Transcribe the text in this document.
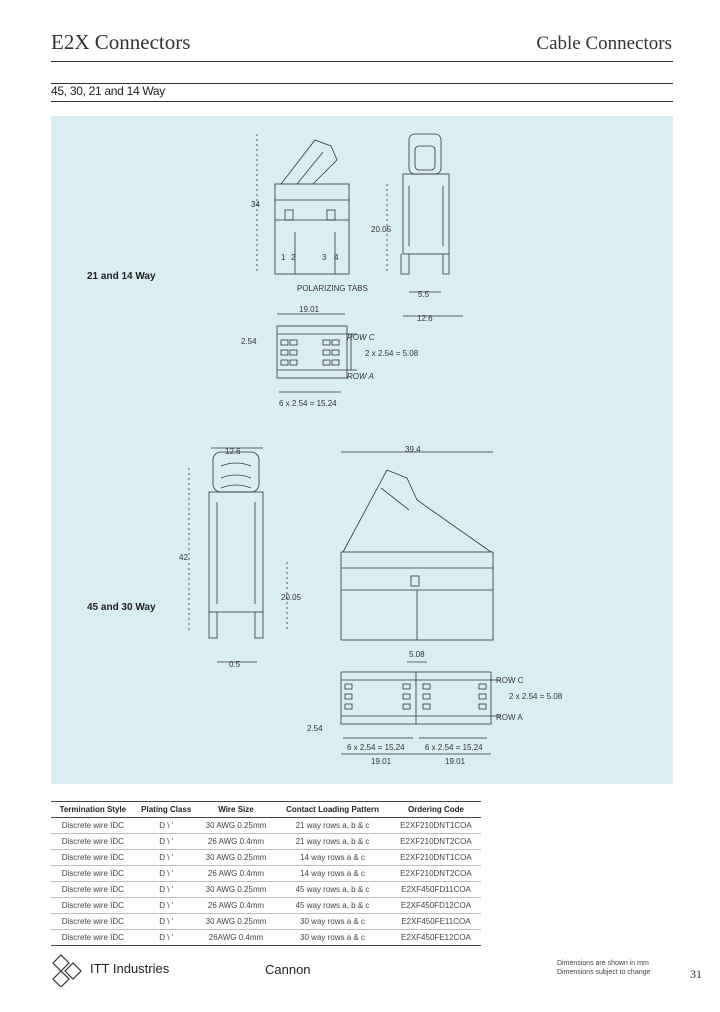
E2X Connectors	Cable Connectors
45, 30, 21 and 14 Way
21 and 14 Way
34
20.05
1 2	3 4
POLARIZING TABS
19.01
5.5
12.6
2.54	ROW C
2 x 2.54 = 5.08
ROW A
6 x 2.54 = 15.24
45 and 30 Way
12.6	39.4
42
20.05
0.5
5.08
ROW C
2 x 2.54 = 5.08
ROW A
2.54
6 x 2.54 = 15.24	6 x 2.54 = 15.24
19.01	19.01
Termination Style	Plating Class	Wire Size	Contact Loading Pattern	Ordering Code
Discrete wire IDC	D \ '	30 AWG 0.25mm	21 way rows a, b & c	E2XF210DNT1COA
Discrete wire IDC	D \ '	26 AWG 0.4mm	21 way rows a, b & c	E2XF210DNT2COA
Discrete wire IDC	D \ '	30 AWG 0.25mm	14 way rows a & c	E2XF210DNT1COA
Discrete wire IDC	D \ '	26 AWG 0.4mm	14 way rows a & c	E2XF210DNT2COA
Discrete wire IDC	D \ '	30 AWG 0.25mm	45 way rows a, b & c	E2XF450FD11COA
Discrete wire IDC	D \ '	26 AWG 0.4mm	45 way rows a, b & c	E2XF450FD12COA
Discrete wire IDC	D \ '	30 AWG 0.25mm	30 way rows a & c	E2XF450FE11COA
Discrete wire IDC	D \ '	26AWG 0.4mm	30 way rows a & c	E2XF450FE12COA
ITT Industries	Cannon	Dimensions are shown in mm
Dimensions subject to change	31
